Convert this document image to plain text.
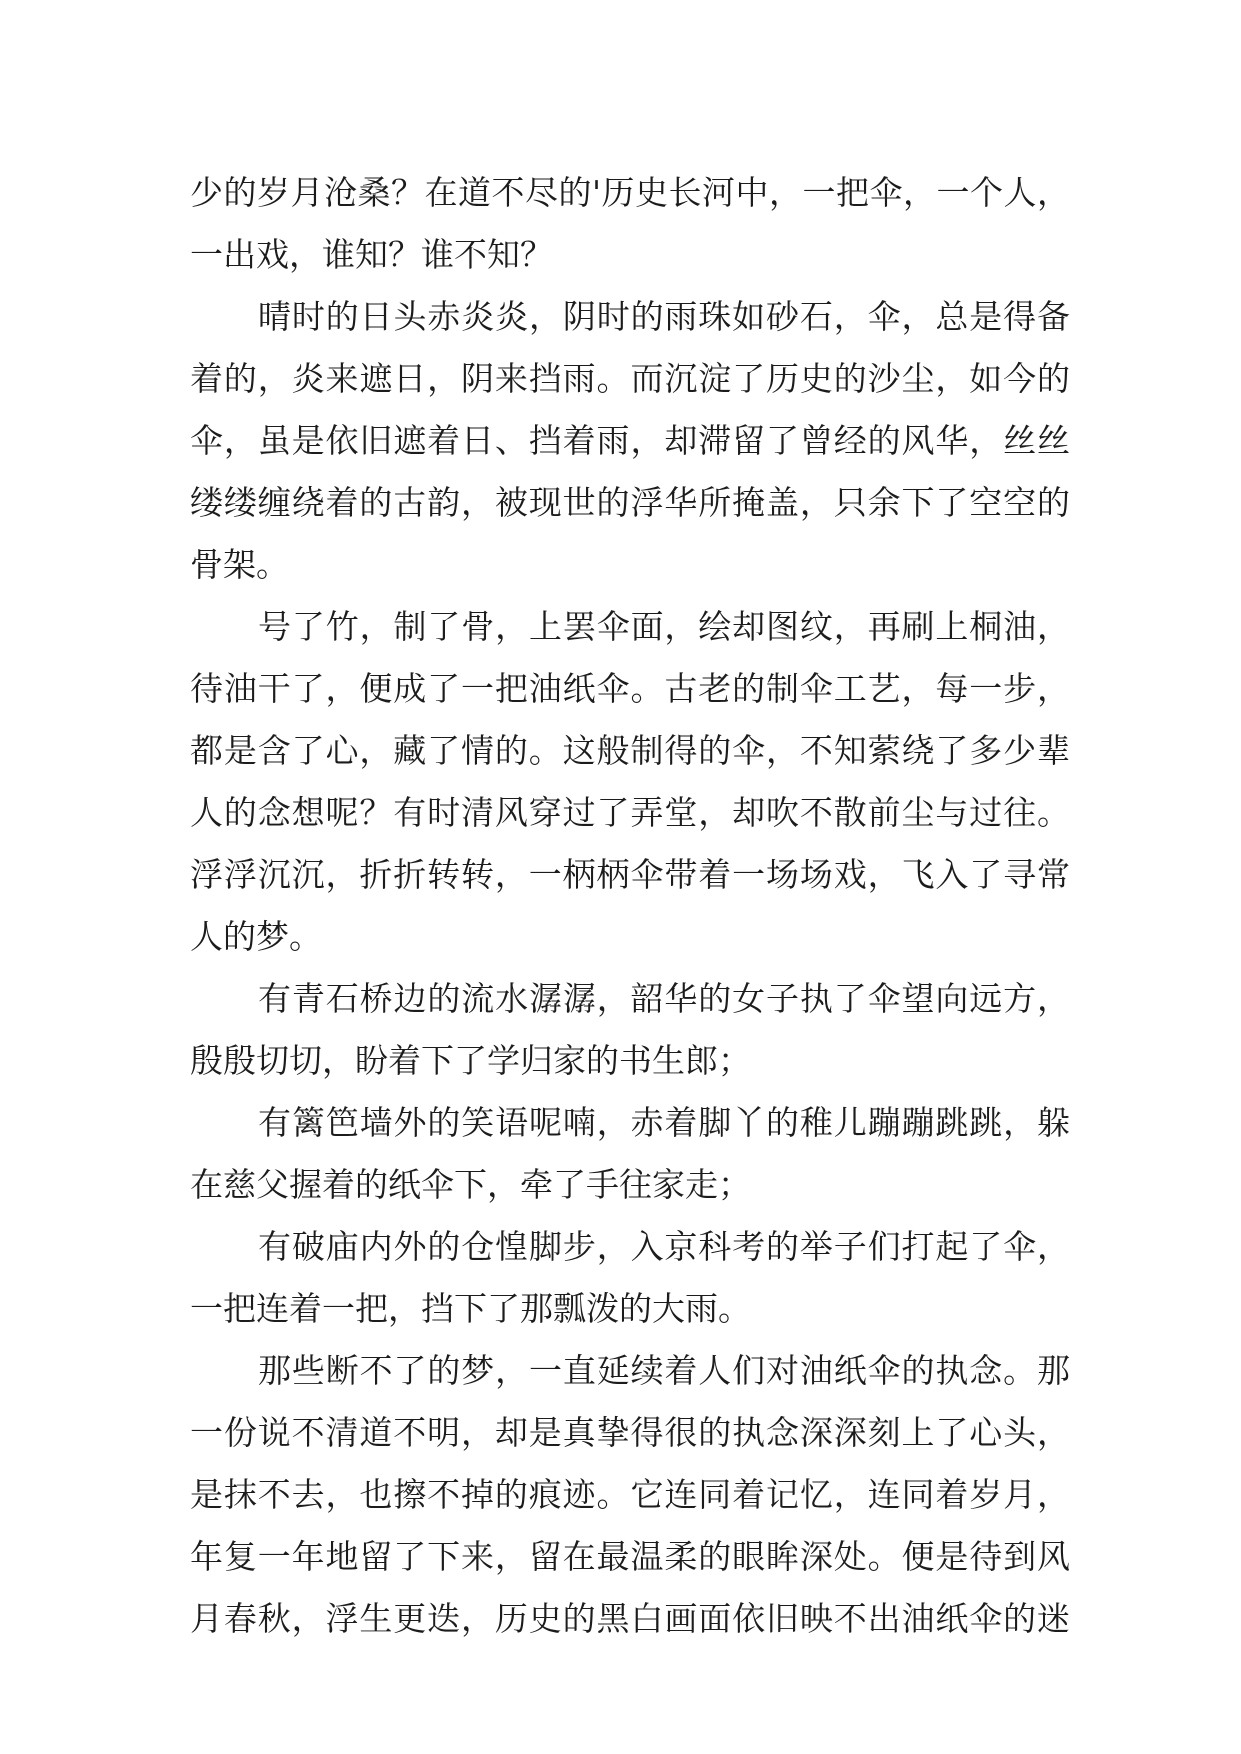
少的岁月沧桑？在道不尽的'历史长河中，一把伞，一个人，
一出戏，谁知？谁不知？
晴时的日头赤炎炎，阴时的雨珠如砂石，伞，总是得备
着的，炎来遮日，阴来挡雨。而沉淀了历史的沙尘，如今的
伞，虽是依旧遮着日、挡着雨，却滞留了曾经的风华，丝丝
缕缕缠绕着的古韵，被现世的浮华所掩盖，只余下了空空的
骨架。
号了竹，制了骨，上罢伞面，绘却图纹，再刷上桐油，
待油干了，便成了一把油纸伞。古老的制伞工艺，每一步，
都是含了心，藏了情的。这般制得的伞，不知萦绕了多少辈
人的念想呢？有时清风穿过了弄堂，却吹不散前尘与过往。
浮浮沉沉，折折转转，一柄柄伞带着一场场戏，飞入了寻常
人的梦。
有青石桥边的流水潺潺，韶华的女子执了伞望向远方，
殷殷切切，盼着下了学归家的书生郎；
有篱笆墙外的笑语呢喃，赤着脚丫的稚儿蹦蹦跳跳，躲
在慈父握着的纸伞下，牵了手往家走；
有破庙内外的仓惶脚步，入京科考的举子们打起了伞，
一把连着一把，挡下了那瓢泼的大雨。
那些断不了的梦，一直延续着人们对油纸伞的执念。那
一份说不清道不明，却是真挚得很的执念深深刻上了心头，
是抹不去，也擦不掉的痕迹。它连同着记忆，连同着岁月，
年复一年地留了下来，留在最温柔的眼眸深处。便是待到风
月春秋，浮生更迭，历史的黑白画面依旧映不出油纸伞的迷
